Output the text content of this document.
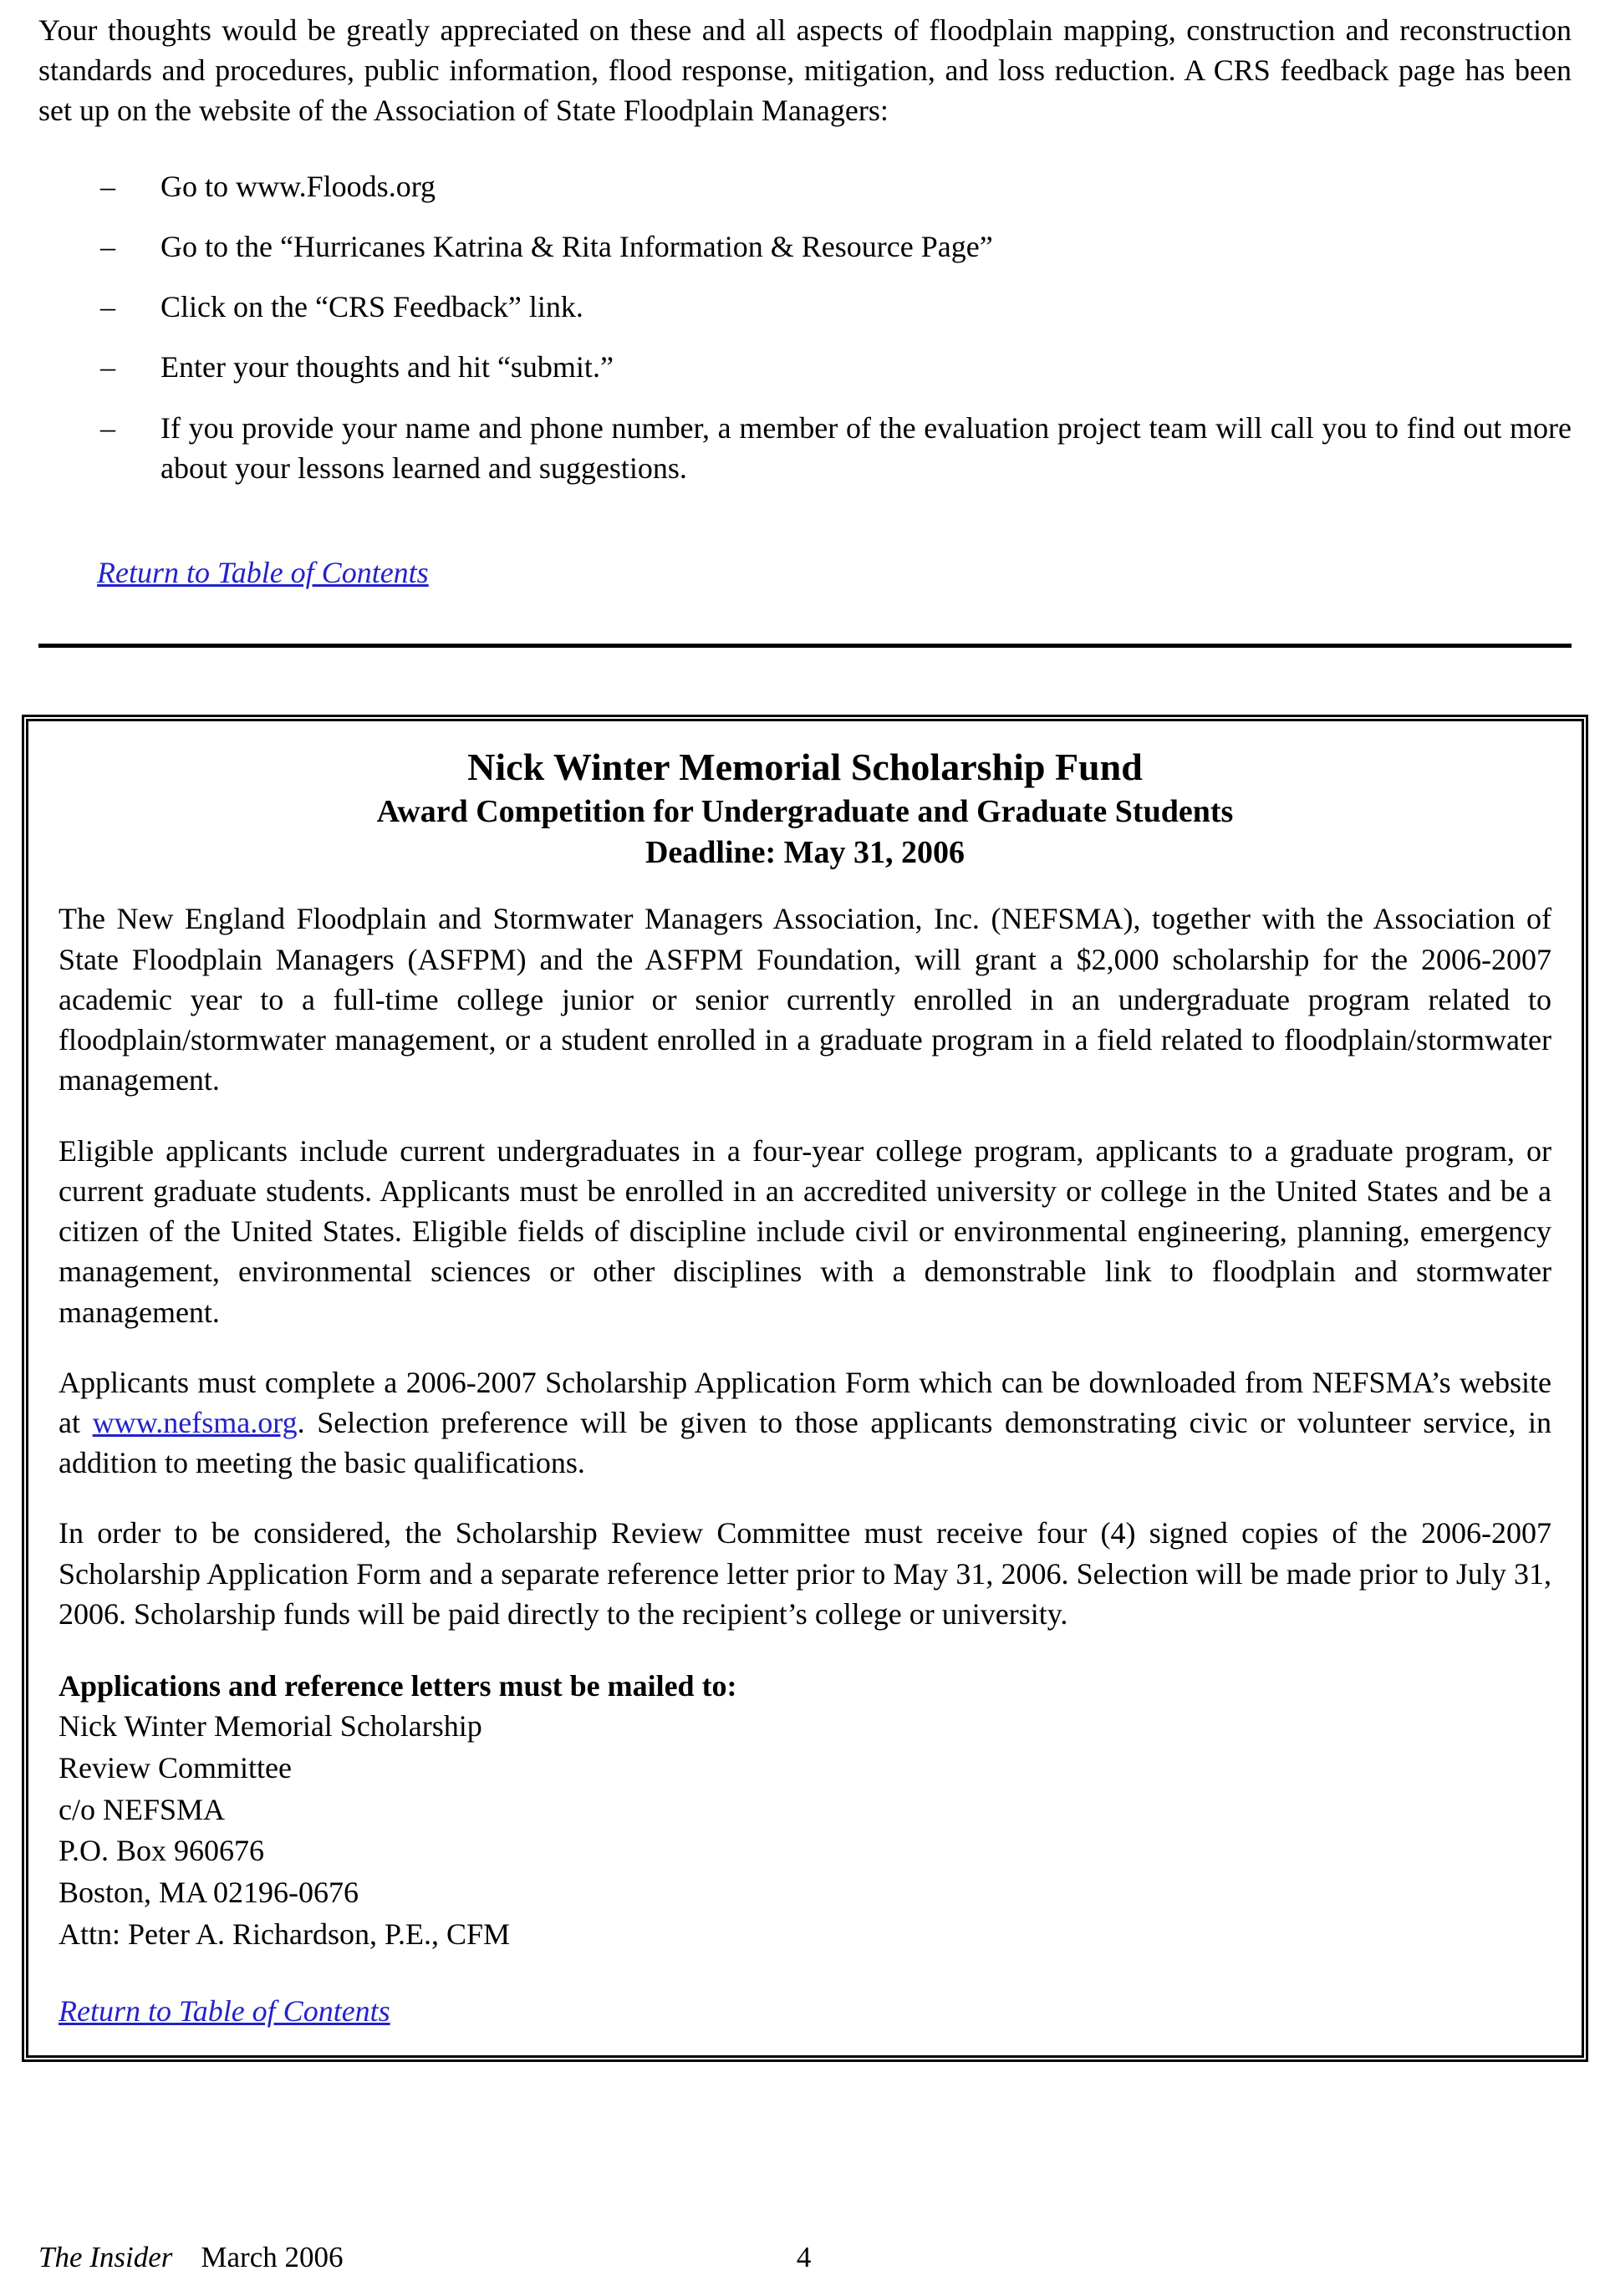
Your thoughts would be greatly appreciated on these and all aspects of floodplain mapping, construction and reconstruction standards and procedures, public information, flood response, mitigation, and loss reduction. A CRS feedback page has been set up on the website of the Association of State Floodplain Managers:

–	Go to www.Floods.org
–	Go to the “Hurricanes Katrina & Rita Information & Resource Page”
–	Click on the “CRS Feedback” link.
–	Enter your thoughts and hit “submit.”
–	If you provide your name and phone number, a member of the evaluation project team will call you to find out more about your lessons learned and suggestions.
Return to Table of Contents
Nick Winter Memorial Scholarship Fund
Award Competition for Undergraduate and Graduate Students
Deadline: May 31, 2006

The New England Floodplain and Stormwater Managers Association, Inc. (NEFSMA), together with the Association of State Floodplain Managers (ASFPM) and the ASFPM Foundation, will grant a $2,000 scholarship for the 2006-2007 academic year to a full-time college junior or senior currently enrolled in an undergraduate program related to floodplain/stormwater management, or a student enrolled in a graduate program in a field related to floodplain/stormwater management.

Eligible applicants include current undergraduates in a four-year college program, applicants to a graduate program, or current graduate students. Applicants must be enrolled in an accredited university or college in the United States and be a citizen of the United States. Eligible fields of discipline include civil or environmental engineering, planning, emergency management, environmental sciences or other disciplines with a demonstrable link to floodplain and stormwater management.

Applicants must complete a 2006-2007 Scholarship Application Form which can be downloaded from NEFSMA’s website at www.nefsma.org. Selection preference will be given to those applicants demonstrating civic or volunteer service, in addition to meeting the basic qualifications.

In order to be considered, the Scholarship Review Committee must receive four (4) signed copies of the 2006-2007 Scholarship Application Form and a separate reference letter prior to May 31, 2006. Selection will be made prior to July 31, 2006. Scholarship funds will be paid directly to the recipient’s college or university.

Applications and reference letters must be mailed to:

Nick Winter Memorial Scholarship
Review Committee
c/o NEFSMA
P.O. Box 960676
Boston, MA 02196-0676
Attn: Peter A. Richardson, P.E., CFM
Return to Table of Contents
The Insider March 2006	4
